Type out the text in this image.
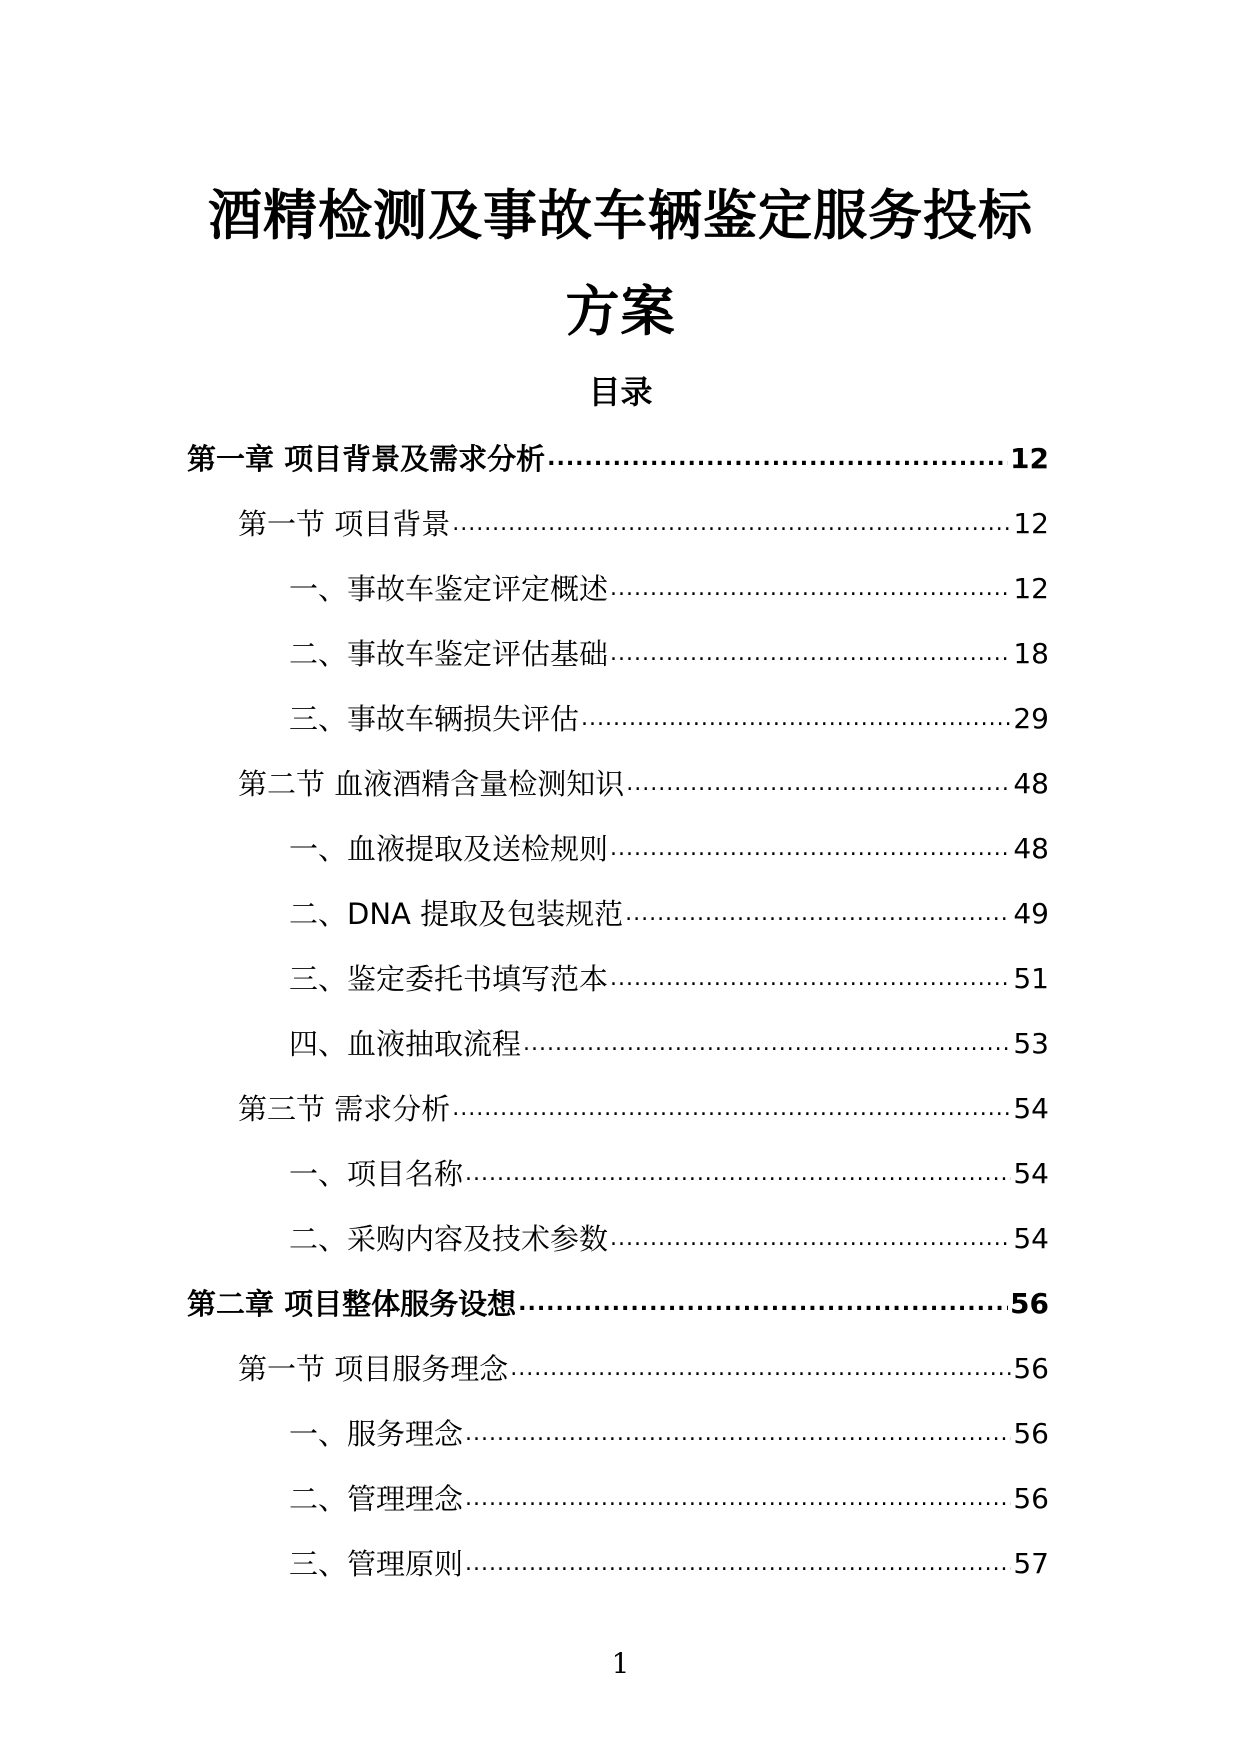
酒精检测及事故车辆鉴定服务投标
方案
目录
第一章 项目背景及需求分析 .....	12
第一节 项目背景 .....	12
一、事故车鉴定评定概述 .....	12
二、事故车鉴定评估基础 .....	18
三、事故车辆损失评估 .....	29
第二节 血液酒精含量检测知识 .....	48
一、血液提取及送检规则 .....	48
二、DNA 提取及包装规范 .....	49
三、鉴定委托书填写范本 .....	51
四、血液抽取流程 .....	53
第三节 需求分析 .....	54
一、项目名称 .....	54
二、采购内容及技术参数 .....	54
第二章 项目整体服务设想 .....	56
第一节 项目服务理念 .....	56
一、服务理念 .....	56
二、管理理念 .....	56
三、管理原则 .....	57
1
